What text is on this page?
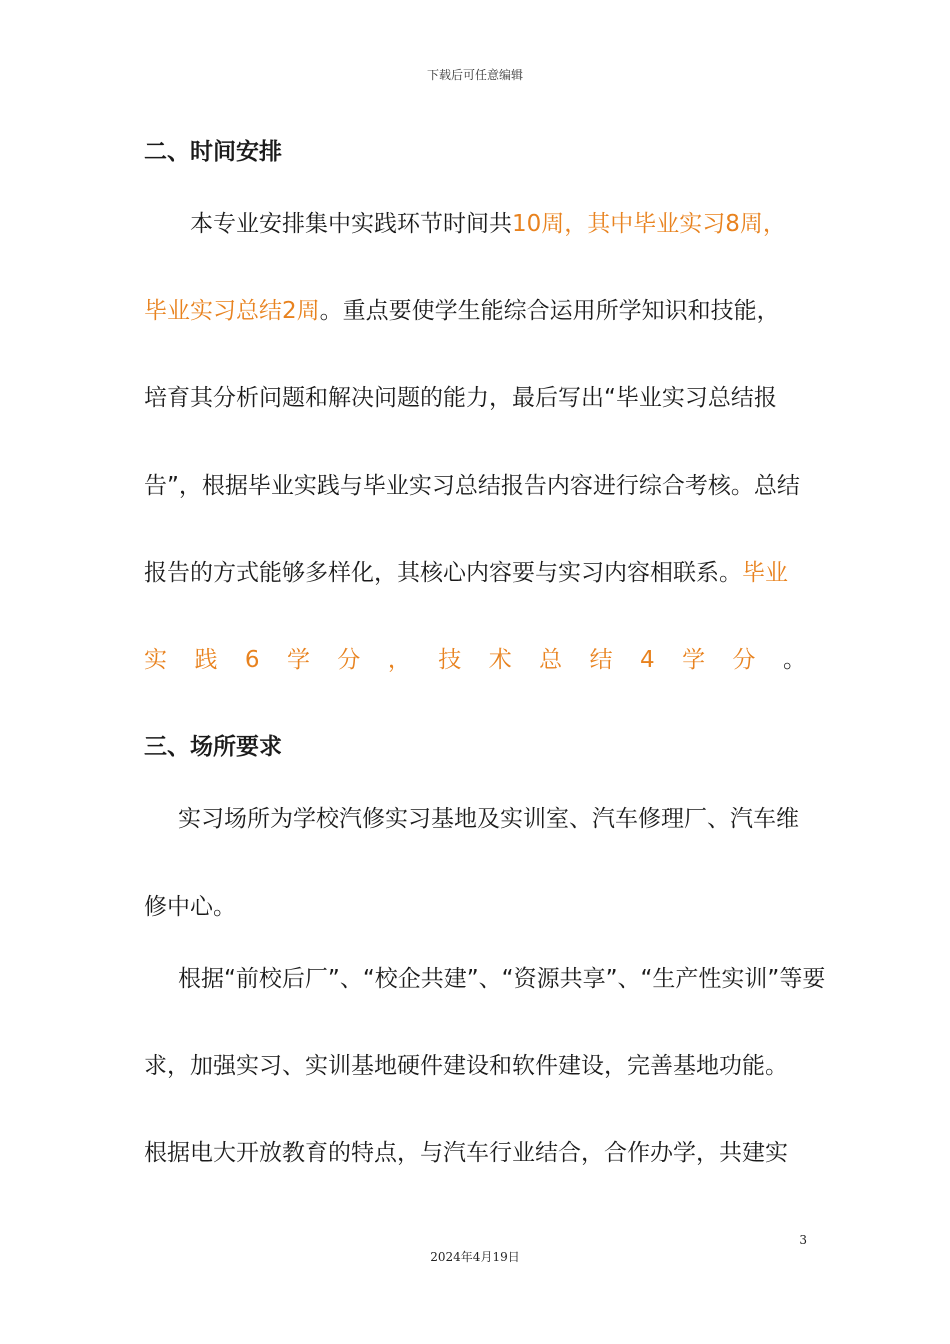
下载后可任意编辑
二、时间安排
本专业安排集中实践环节时间共10周，其中毕业实习8周，
毕业实习总结2周。重点要使学生能综合运用所学知识和技能，
培育其分析问题和解决问题的能力，最后写出“毕业实习总结报
告”，根据毕业实践与毕业实习总结报告内容进行综合考核。总结
报告的方式能够多样化，其核心内容要与实习内容相联系。毕业
实 践 6 学 分 ， 技 术 总 结 4 学 分 。
三、场所要求
实习场所为学校汽修实习基地及实训室、汽车修理厂、汽车维
修中心。
根据“前校后厂”、“校企共建”、“资源共享”、“生产性实训”等要
求，加强实习、实训基地硬件建设和软件建设，完善基地功能。
根据电大开放教育的特点，与汽车行业结合，合作办学，共建实
3
2024年4月19日
